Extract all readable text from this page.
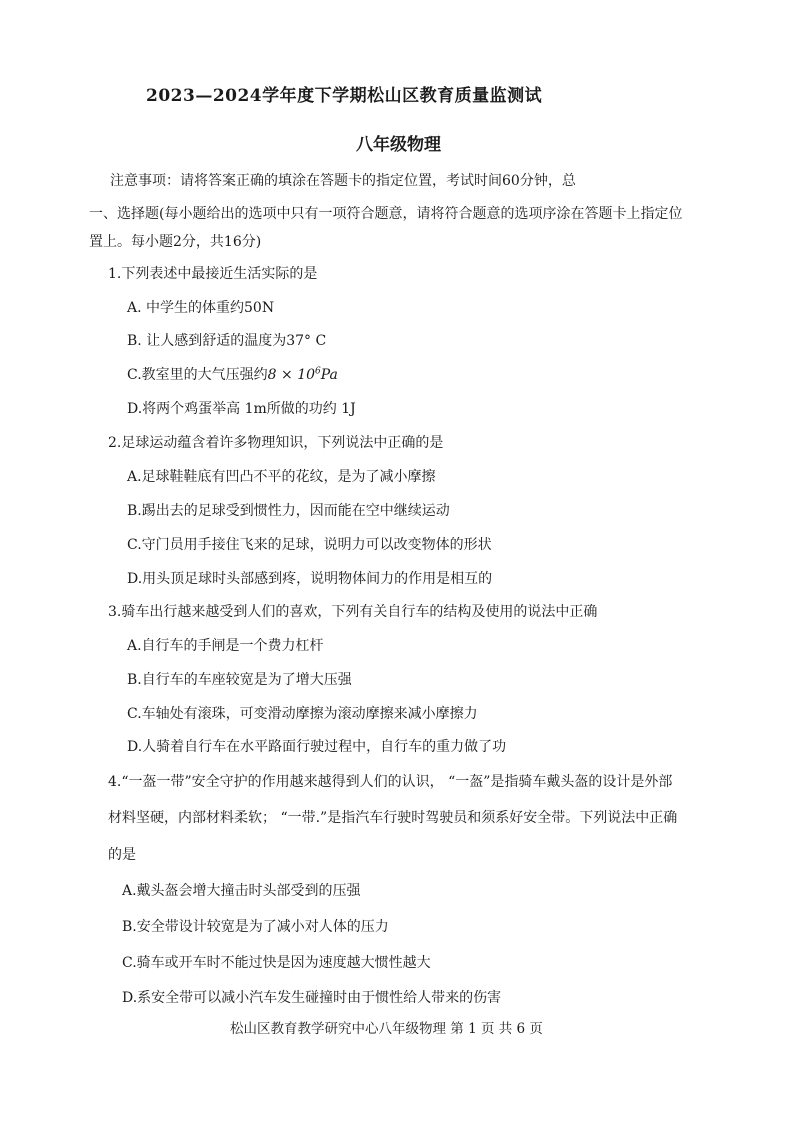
2023—2024学年度下学期松山区教育质量监测试
八年级物理
注意事项：请将答案正确的填涂在答题卡的指定位置，考试时间60分钟，总
一、选择题(每小题给出的选项中只有一项符合题意，请将符合题意的选项序涂在答题卡上指定位
置上。每小题2分，共16分)
1.下列表述中最接近生活实际的是
A. 中学生的体重约50N
B. 让人感到舒适的温度为37° C
C.教室里的大气压强约$8 \times 10^6Pa$
D.将两个鸡蛋举高 1m所做的功约 1J
2.足球运动蕴含着许多物理知识，下列说法中正确的是
A.足球鞋鞋底有凹凸不平的花纹，是为了减小摩擦
B.踢出去的足球受到惯性力，因而能在空中继续运动
C.守门员用手接住飞来的足球，说明力可以改变物体的形状
D.用头顶足球时头部感到疼，说明物体间力的作用是相互的
3.骑车出行越来越受到人们的喜欢，下列有关自行车的结构及使用的说法中正确
A.自行车的手闸是一个费力杠杆
B.自行车的车座较宽是为了增大压强
C.车轴处有滚珠，可变滑动摩擦为滚动摩擦来减小摩擦力
D.人骑着自行车在水平路面行驶过程中，自行车的重力做了功
4.“一盔一带”安全守护的作用越来越得到人们的认识， “一盔”是指骑车戴头盔的设计是外部
材料坚硬，内部材料柔软； “一带.”是指汽车行驶时驾驶员和须系好安全带。下列说法中正确
的是
A.戴头盔会增大撞击时头部受到的压强
B.安全带设计较宽是为了减小对人体的压力
C.骑车或开车时不能过快是因为速度越大惯性越大
D.系安全带可以减小汽车发生碰撞时由于惯性给人带来的伤害
松山区教育教学研究中心八年级物理 第 1 页 共 6 页
